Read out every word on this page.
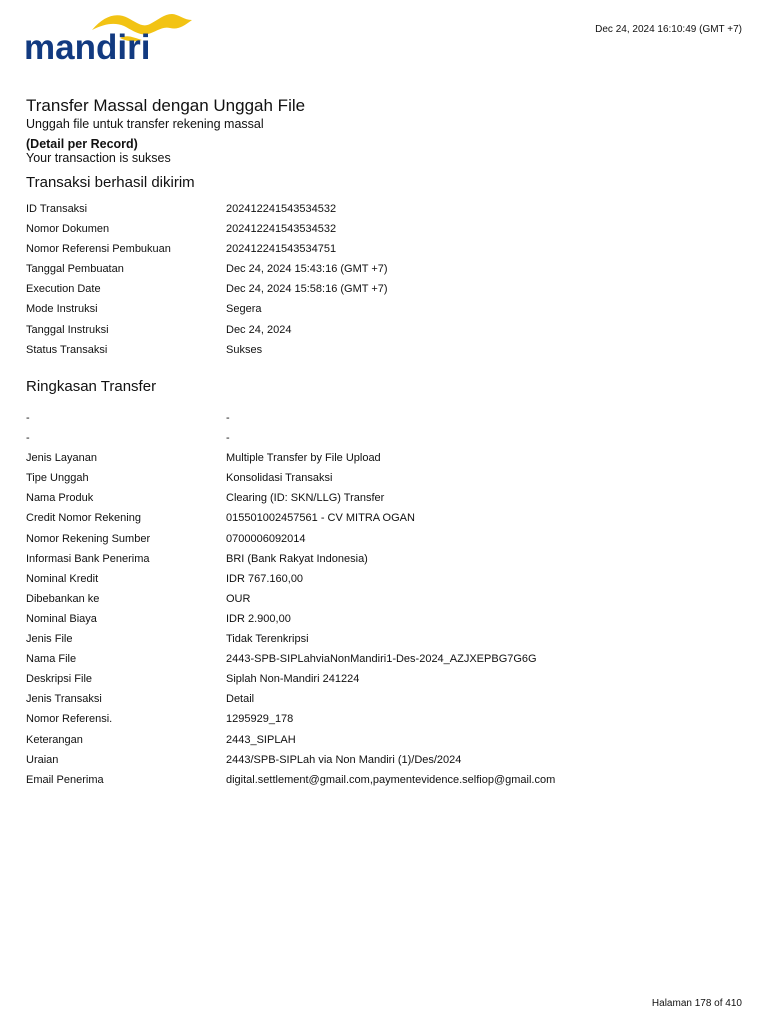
mandiri	Dec 24, 2024 16:10:49 (GMT +7)
Transfer Massal dengan Unggah File
Unggah file untuk transfer rekening massal
(Detail per Record)
Your transaction is sukses
Transaksi berhasil dikirim
ID Transaksi	202412241543534532
Nomor Dokumen	202412241543534532
Nomor Referensi Pembukuan	202412241543534751
Tanggal Pembuatan	Dec 24, 2024 15:43:16 (GMT +7)
Execution Date	Dec 24, 2024 15:58:16 (GMT +7)
Mode Instruksi	Segera
Tanggal Instruksi	Dec 24, 2024
Status Transaksi	Sukses
Ringkasan Transfer
-	-
-	-
Jenis Layanan	Multiple Transfer by File Upload
Tipe Unggah	Konsolidasi Transaksi
Nama Produk	Clearing (ID: SKN/LLG) Transfer
Credit Nomor Rekening	015501002457561 - CV MITRA OGAN
Nomor Rekening Sumber	0700006092014
Informasi Bank Penerima	BRI (Bank Rakyat Indonesia)
Nominal Kredit	IDR 767.160,00
Dibebankan ke	OUR
Nominal Biaya	IDR 2.900,00
Jenis File	Tidak Terenkripsi
Nama File	2443-SPB-SIPLahviaNonMandiri1-Des-2024_AZJXEPBG7G6G
Deskripsi File	Siplah Non-Mandiri 241224
Jenis Transaksi	Detail
Nomor Referensi.	1295929_178
Keterangan	2443_SIPLAH
Uraian	2443/SPB-SIPLah via Non Mandiri (1)/Des/2024
Email Penerima	digital.settlement@gmail.com,paymentevidence.selfiop@gmail.com
Halaman 178 of 410
